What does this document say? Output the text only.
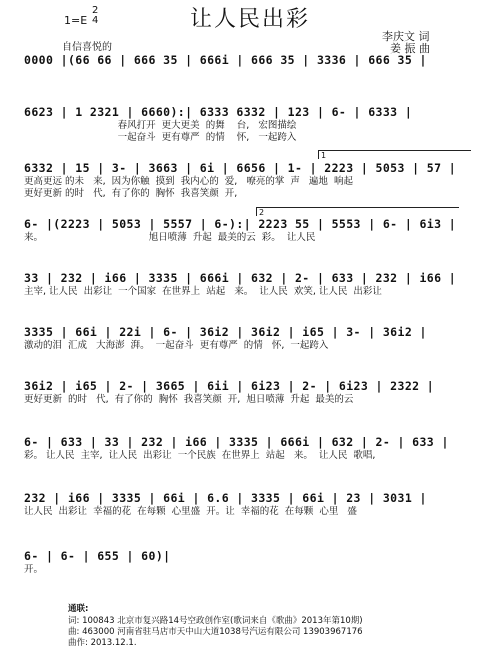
让人民出彩
1=E
2
4
自信喜悦的
李庆文 词
姜 振 曲
0000 |(66 66 | 666 35 | 666i | 666 35 | 3336 | 666 35 |
6623 | 1 2321 | 6660):| 6333 6332 | 123 | 6- | 6333 |
春风打开  更大更美  的舞    台,   宏图描绘
一起奋斗  更有尊严  的情    怀,   一起跨入
6332 | 15 | 3- | 3663 | 6i | 6656 | 1- | 2223 | 5053 | 57 |
更高更远 的未   来,  因为你触  摸到  我内心的  爱,   嘹亮的掌  声   遍地  响起
更好更新 的时   代,  有了你的  胸怀  我喜笑颜  开,
1
6- |(2223 | 5053 | 5557 | 6-):| 2223 55 | 5553 | 6- | 6i3 |
来。                                   旭日喷薄  升起  最美的云  彩。  让人民
2
33 | 232 | i66 | 3335 | 666i | 632 | 2- | 633 | 232 | i66 |
主宰, 让人民  出彩让  一个国家  在世界上  站起   来。  让人民  欢笑, 让人民  出彩让
3335 | 66i | 22i | 6- | 36i2 | 36i2 | i65 | 3- | 36i2 |
激动的泪  汇成   大海澎  湃。  一起奋斗  更有尊严  的情   怀,  一起跨入
36i2 | i65 | 2- | 3665 | 6ii | 6i23 | 2- | 6i23 | 2322 |
更好更新  的时   代,  有了你的  胸怀  我喜笑颜  开,  旭日喷薄  升起  最美的云
6- | 633 | 33 | 232 | i66 | 3335 | 666i | 632 | 2- | 633 |
彩。 让人民  主宰,  让人民  出彩让  一个民族  在世界上  站起   来。  让人民  歌唱,
232 | i66 | 3335 | 66i | 6.6 | 3335 | 66i | 23 | 3031 |
让人民  出彩让  幸福的花  在每颗  心里盛  开。让  幸福的花  在每颗  心里   盛
6- | 6- | 655 | 60)|
开。
通联:
词: 100843 北京市复兴路14号空政创作室(歌词来自《歌曲》2013年第10期)
曲: 463000 河南省驻马店市天中山大道1038号汽运有限公司 13903967176
曲作: 2013.12.1.
